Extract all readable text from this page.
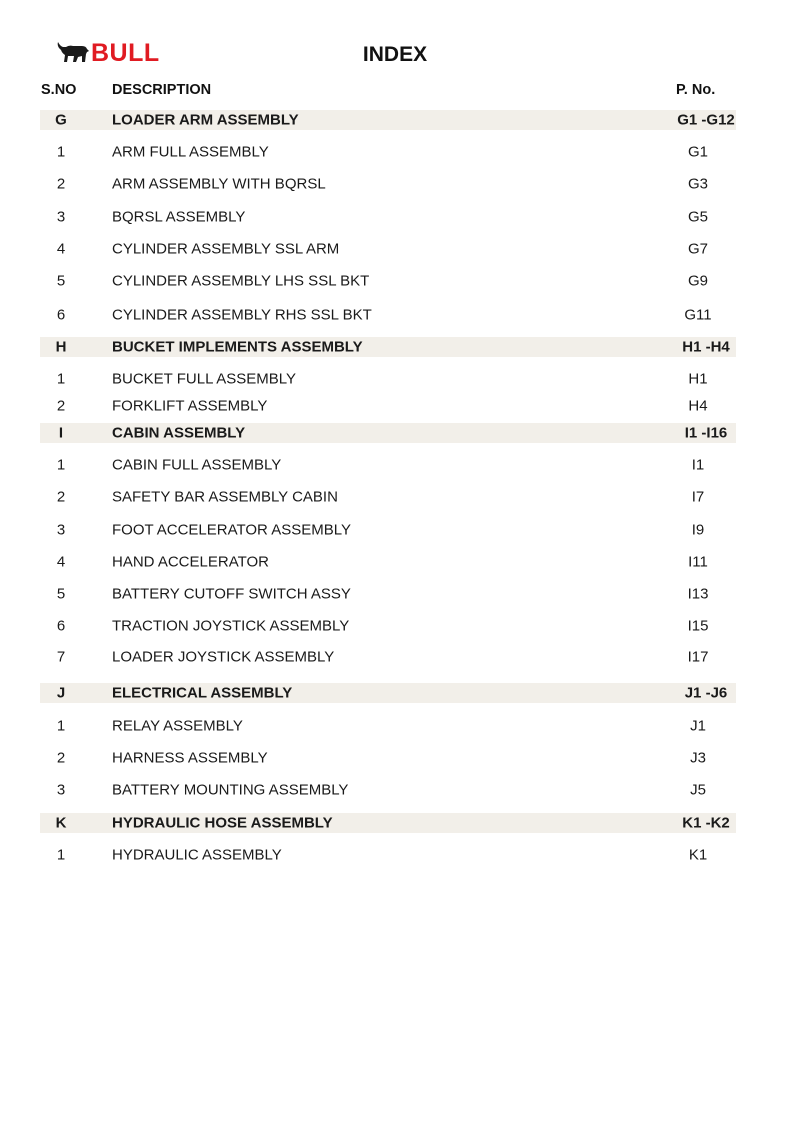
BULL	INDEX
S.NO DESCRIPTION	P. No.
G	LOADER ARM ASSEMBLY	G1 -G12
1	ARM FULL ASSEMBLY	G1
2	ARM ASSEMBLY WITH BQRSL	G3
3	BQRSL ASSEMBLY	G5
4	CYLINDER ASSEMBLY SSL ARM	G7
5	CYLINDER ASSEMBLY LHS SSL BKT	G9
6	CYLINDER ASSEMBLY RHS SSL BKT	G11
H	BUCKET IMPLEMENTS ASSEMBLY	H1 -H4
1	BUCKET FULL ASSEMBLY	H1
2	FORKLIFT ASSEMBLY	H4
I	CABIN ASSEMBLY	I1 -I16
1	CABIN FULL ASSEMBLY	I1
2	SAFETY BAR ASSEMBLY CABIN	I7
3	FOOT ACCELERATOR ASSEMBLY	I9
4	HAND ACCELERATOR	I11
5	BATTERY CUTOFF SWITCH ASSY	I13
6	TRACTION JOYSTICK ASSEMBLY	I15
7	LOADER JOYSTICK ASSEMBLY	I17
J	ELECTRICAL ASSEMBLY	J1 -J6
1	RELAY ASSEMBLY	J1
2	HARNESS ASSEMBLY	J3
3	BATTERY MOUNTING ASSEMBLY	J5
K	HYDRAULIC HOSE ASSEMBLY	K1 -K2
1	HYDRAULIC ASSEMBLY	K1
